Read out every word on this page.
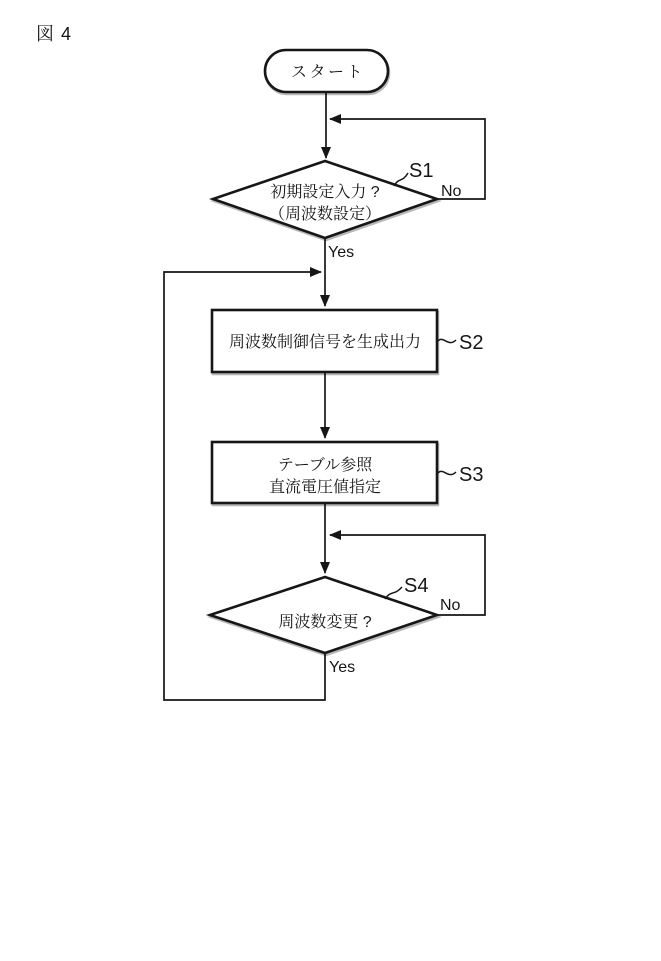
図 4
スタート
初期設定入力 ?
（周波数設定）
周波数制御信号を生成出力
テーブル参照
直流電圧値指定
周波数変更 ?
No
Yes
No
Yes
S1
S2
S3
S4
